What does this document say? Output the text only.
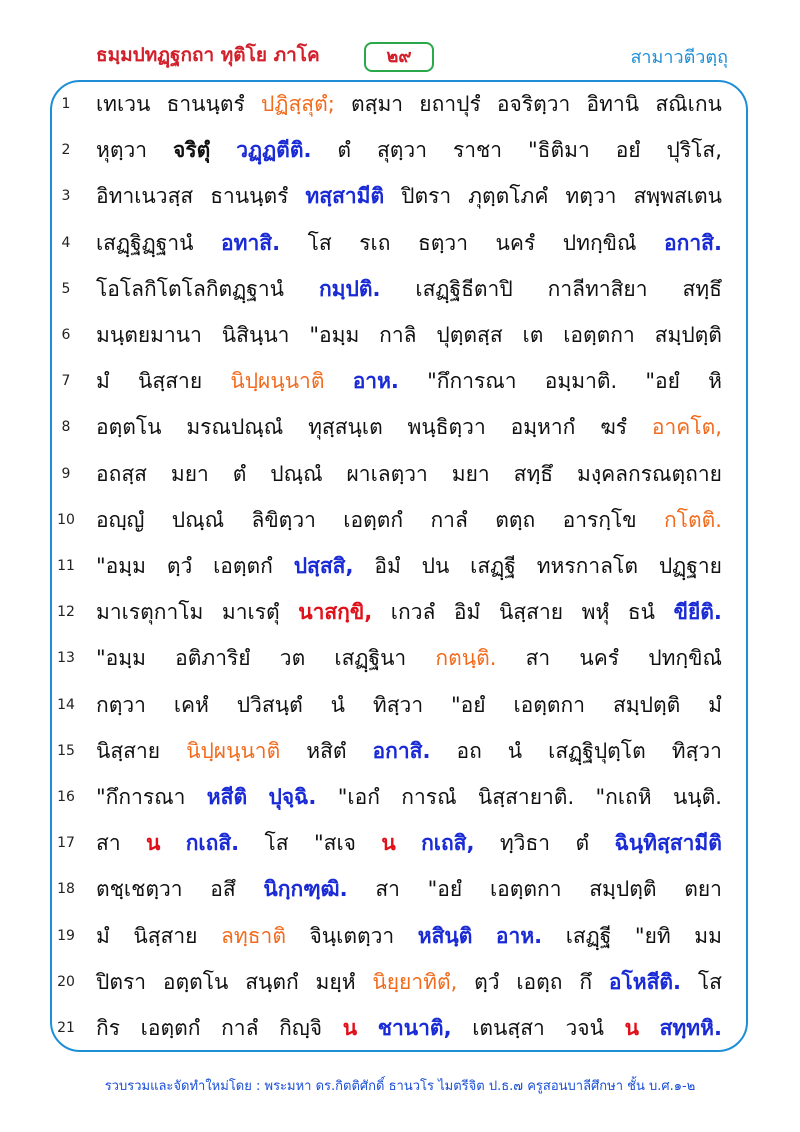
ธมฺมปทฏฺฐกถา ทุติโย ภาโค	๒๙	สามาวตีวตฺถุ
1	เทเวน ธานนฺตรํ ปฏิสฺสุตํ; ตสฺมา ยถาปุรํ อจริตฺวา อิทานิ สณิเกน
2	หุตฺวา จริตุํ วฏฺฏตีติ. ตํ สุตฺวา ราชา "ธิติมา อยํ ปุริโส,
3	อิทาเนวสฺส ธานนฺตรํ ทสฺสามีติ ปิตรา ภุตฺตโภคํ ทตฺวา สพฺพสเตน
4	เสฏฺฐิฏฺฐานํ อทาสิ. โส รเถ ธตฺวา นครํ ปทกฺขิณํ อกาสิ.
5	โอโลกิโตโลกิตฏฺฐานํ กมฺปติ. เสฏฺฐิธีตาปิ กาลีทาสิยา สทฺธึ
6	มนฺตยมานา นิสินฺนา "อมฺม กาลิ ปุตฺตสฺส เต เอตฺตกา สมฺปตฺติ
7	มํ นิสฺสาย นิปฺผนฺนาติ อาห. "กึการณา อมฺมาติ. "อยํ หิ
8	อตฺตโน มรณปณฺณํ ทุสฺสนฺเต พนฺธิตฺวา อมฺหากํ ฆรํ อาคโต,
9	อถสฺส มยา ตํ ปณฺณํ ผาเลตฺวา มยา สทฺธึ มงฺคลกรณตฺถาย
10 อญฺญํ ปณฺณํ ลิขิตฺวา เอตฺตกํ กาลํ ตตฺถ อารกฺโข กโตติ.
11 "อมฺม ตฺวํ เอตฺตกํ ปสฺสสิ, อิมํ ปน เสฏฺฐี ทหรกาลโต ปฏฺฐาย
12 มาเรตุกาโม มาเรตุํ นาสกฺขิ, เกวลํ อิมํ นิสฺสาย พหุํ ธนํ ขียีติ.
13 "อมฺม อติภาริยํ วต เสฏฺฐินา กตนฺติ. สา นครํ ปทกฺขิณํ
14 กตฺวา เคหํ ปวิสนฺตํ นํ ทิสฺวา "อยํ เอตฺตกา สมฺปตฺติ มํ
15 นิสฺสาย นิปฺผนฺนาติ หสิตํ อกาสิ. อถ นํ เสฏฺฐิปุตฺโต ทิสฺวา
16 "กึการณา หสีติ ปุจฺฉิ. "เอกํ การณํ นิสฺสายาติ. "กเถหิ นนฺติ.
17 สา น กเถสิ. โส "สเจ น กเถสิ, ทฺวิธา ตํ ฉินฺทิสฺสามีติ
18 ตชฺเชตฺวา อสึ นิกฺกฑฺฒิ. สา "อยํ เอตฺตกา สมฺปตฺติ ตยา
19 มํ นิสฺสาย ลทฺธาติ จินฺเตตฺวา หสินฺติ อาห. เสฏฺฐี "ยทิ มม
20 ปิตรา อตฺตโน สนฺตกํ มยฺหํ นิยฺยาทิตํ, ตฺวํ เอตฺถ กึ อโหสีติ. โส
21 กิร เอตฺตกํ กาลํ กิญฺจิ น ชานาติ, เตนสฺสา วจนํ น สทฺทหิ.
รวบรวมและจัดทำใหม่โดย : พระมหา ดร.กิตติศักดิ์ ธานวโร ไมตรีจิต ป.ธ.๗ ครูสอนบาลีศึกษา ชั้น บ.ศ.๑-๒
